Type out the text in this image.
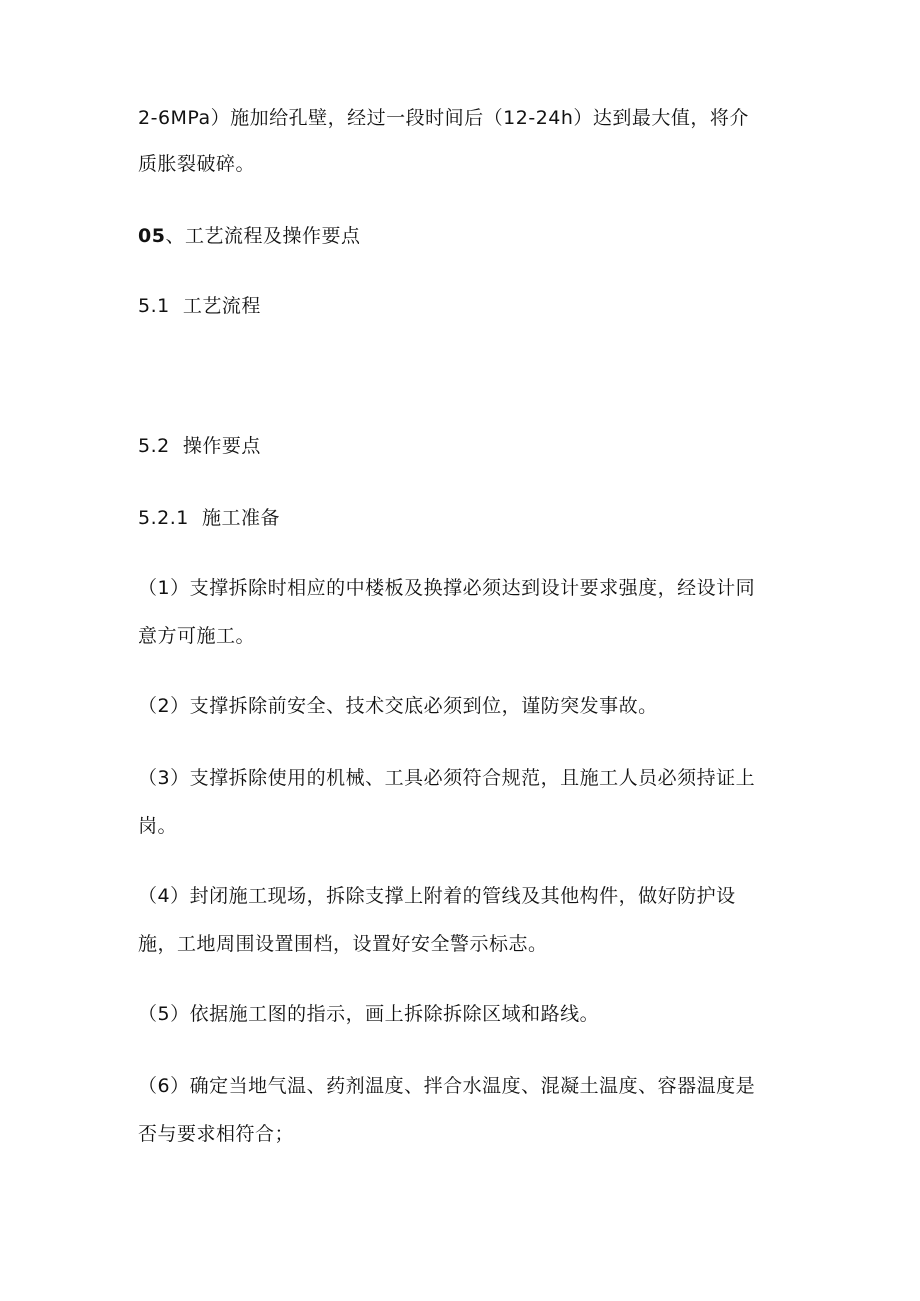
2-6MPa）施加给孔壁，经过一段时间后（12-24h）达到最大值，将介
质胀裂破碎。
05、工艺流程及操作要点
5.1 工艺流程
5.2 操作要点
5.2.1 施工准备
（1）支撑拆除时相应的中楼板及换撑必须达到设计要求强度，经设计同
意方可施工。
（2）支撑拆除前安全、技术交底必须到位，谨防突发事故。
（3）支撑拆除使用的机械、工具必须符合规范，且施工人员必须持证上
岗。
（4）封闭施工现场，拆除支撑上附着的管线及其他构件，做好防护设
施，工地周围设置围档，设置好安全警示标志。
（5）依据施工图的指示，画上拆除拆除区域和路线。
（6）确定当地气温、药剂温度、拌合水温度、混凝土温度、容器温度是
否与要求相符合；
